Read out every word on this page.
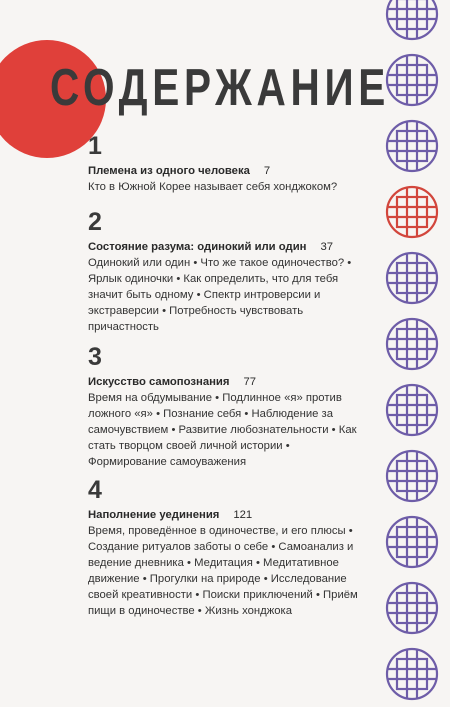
СОДЕРЖАНИЕ
1
Племена из одного человека 7
Кто в Южной Корее называет себя хонджоком?
2
Состояние разума: одинокий или один 37
Одинокий или один • Что же такое одиночество? • Ярлык одиночки • Как определить, что для тебя значит быть одному • Спектр интроверсии и экстраверсии • Потребность чувствовать причастность
3
Искусство самопознания 77
Время на обдумывание • Подлинное «я» против ложного «я» • Познание себя • Наблюдение за самочувствием • Развитие любознательности • Как стать творцом своей личной истории • Формирование самоуважения
4
Наполнение уединения 121
Время, проведённое в одиночестве, и его плюсы • Создание ритуалов заботы о себе • Самоанализ и ведение дневника • Медитация • Медитативное движение • Прогулки на природе • Исследование своей креативности • Поиски приключений • Приём пищи в одиночестве • Жизнь хонджока
